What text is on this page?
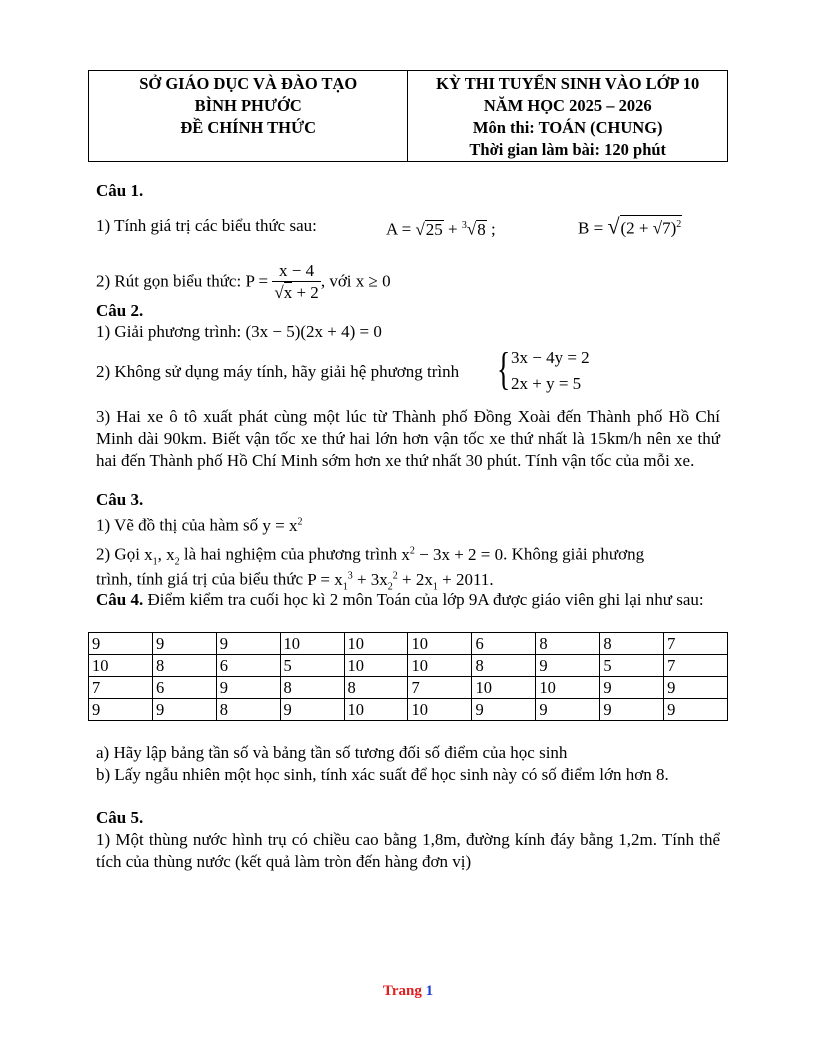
SỞ GIÁO DỤC VÀ ĐÀO TẠO
BÌNH PHƯỚC
ĐỀ CHÍNH THỨC

KỲ THI TUYỂN SINH VÀO LỚP 10
NĂM HỌC 2025 – 2026
Môn thi: TOÁN (CHUNG)
Thời gian làm bài: 120 phút
Câu 1.
1) Tính giá trị các biểu thức sau:	A = √25 + $^3$√8 ;	$B = √(2 + √7)^2$
2) Rút gọn biểu thức: $P = \frac{x - 4}{√x + 2}$ , với x ≥ 0
Câu 2.
1) Giải phương trình: (3x − 5)(2x + 4) = 0
2) Không sử dụng máy tính, hãy giải hệ phương trình { 3x − 4y = 2
2x + y = 5
3) Hai xe ô tô xuất phát cùng một lúc từ Thành phố Đồng Xoài đến Thành phố Hồ Chí Minh dài 90km. Biết vận tốc xe thứ hai lớn hơn vận tốc xe thứ nhất là 15km/h nên xe thứ hai đến Thành phố Hồ Chí Minh sớm hơn xe thứ nhất 30 phút. Tính vận tốc của mỗi xe.
Câu 3.
1) Vẽ đồ thị của hàm số $y = x^2$
2) Gọi $x_1$, $x_2$ là hai nghiệm của phương trình $x^2 - 3x + 2 = 0$. Không giải phương
trình, tính giá trị của biểu thức $P = x_1^3 + 3x_2^2 + 2x_1 + 2011$.
Câu 4. Điểm kiểm tra cuối học kì 2 môn Toán của lớp 9A được giáo viên ghi lại như sau:
9	9	9	10	10	10	6	8	8	7
10	8	6	5	10	10	8	9	5	7
7	6	9	8	8	7	10	10	9	9
9	9	8	9	10	10	9	9	9	9
a) Hãy lập bảng tần số và bảng tần số tương đối số điểm của học sinh
b) Lấy ngẫu nhiên một học sinh, tính xác suất để học sinh này có số điểm lớn hơn 8.
Câu 5.
1) Một thùng nước hình trụ có chiều cao bằng 1,8m, đường kính đáy bằng 1,2m. Tính thể tích của thùng nước (kết quả làm tròn đến hàng đơn vị)
Trang 1
